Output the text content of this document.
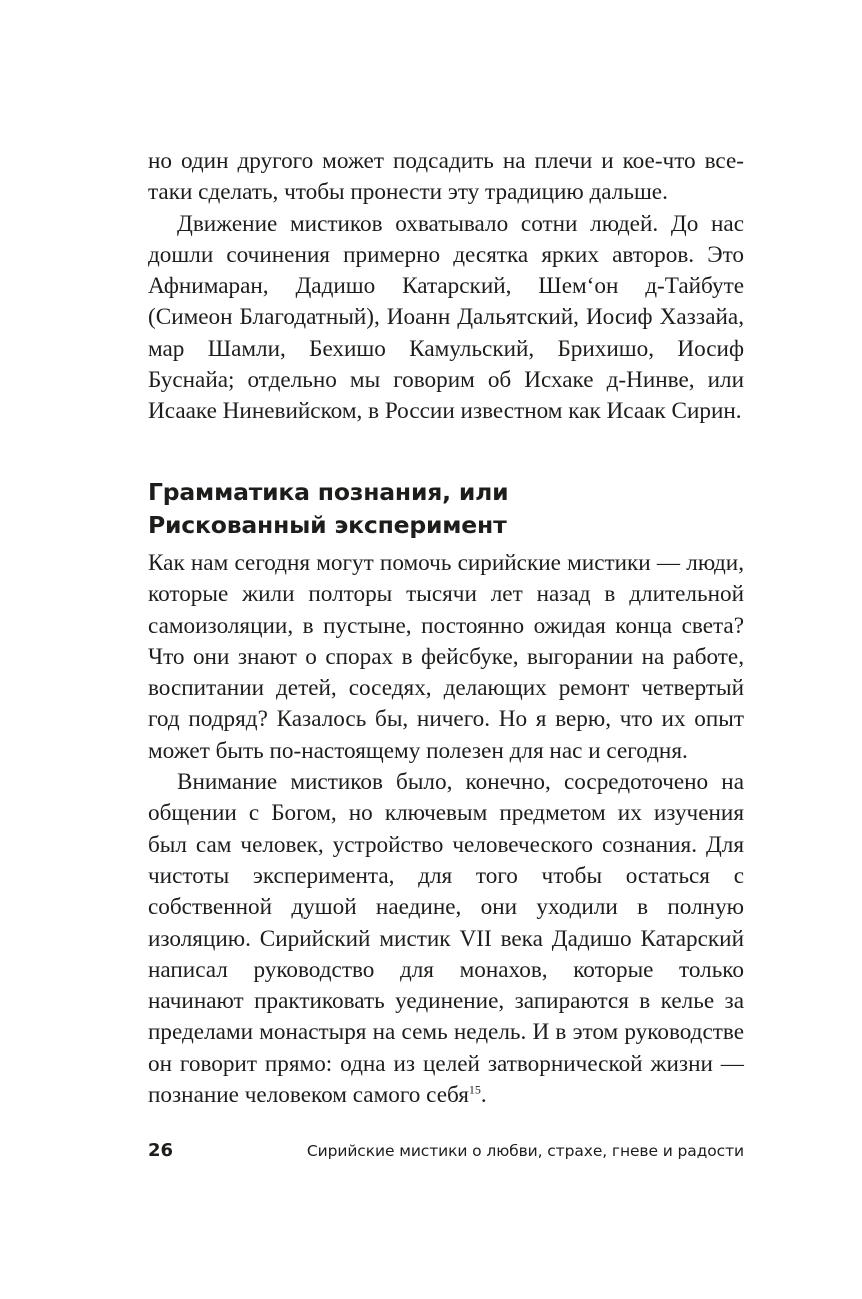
но один другого может подсадить на плечи и кое-что все-таки сделать, чтобы пронести эту традицию дальше.

Движение мистиков охватывало сотни людей. До нас дошли сочинения примерно десятка ярких авторов. Это Афнимаран, Дадишо Катарский, Шем‘он д-Тайбуте (Симеон Благодатный), Иоанн Дальятский, Иосиф Хаззайа, мар Шамли, Бехишо Камульский, Брихишо, Иосиф Буснайа; отдельно мы говорим об Исхаке д-Нинве, или Исааке Ниневийском, в России известном как Исаак Сирин.

Грамматика познания, или
Рискованный эксперимент

Как нам сегодня могут помочь сирийские мистики — люди, которые жили полторы тысячи лет назад в длительной самоизоляции, в пустыне, постоянно ожидая конца света? Что они знают о спорах в фейсбуке, выгорании на работе, воспитании детей, соседях, делающих ремонт четвертый год подряд? Казалось бы, ничего. Но я верю, что их опыт может быть по-настоящему полезен для нас и сегодня.

Внимание мистиков было, конечно, сосредоточено на общении с Богом, но ключевым предметом их изучения был сам человек, устройство человеческого сознания. Для чистоты эксперимента, для того чтобы остаться с собственной душой наедине, они уходили в полную изоляцию. Сирийский мистик VII века Дадишо Катарский написал руководство для монахов, которые только начинают практиковать уединение, запираются в келье за пределами монастыря на семь недель. И в этом руководстве он говорит прямо: одна из целей затворнической жизни — познание человеком самого себя$^{15}$.

26	Сирийские мистики о любви, страхе, гневе и радости
